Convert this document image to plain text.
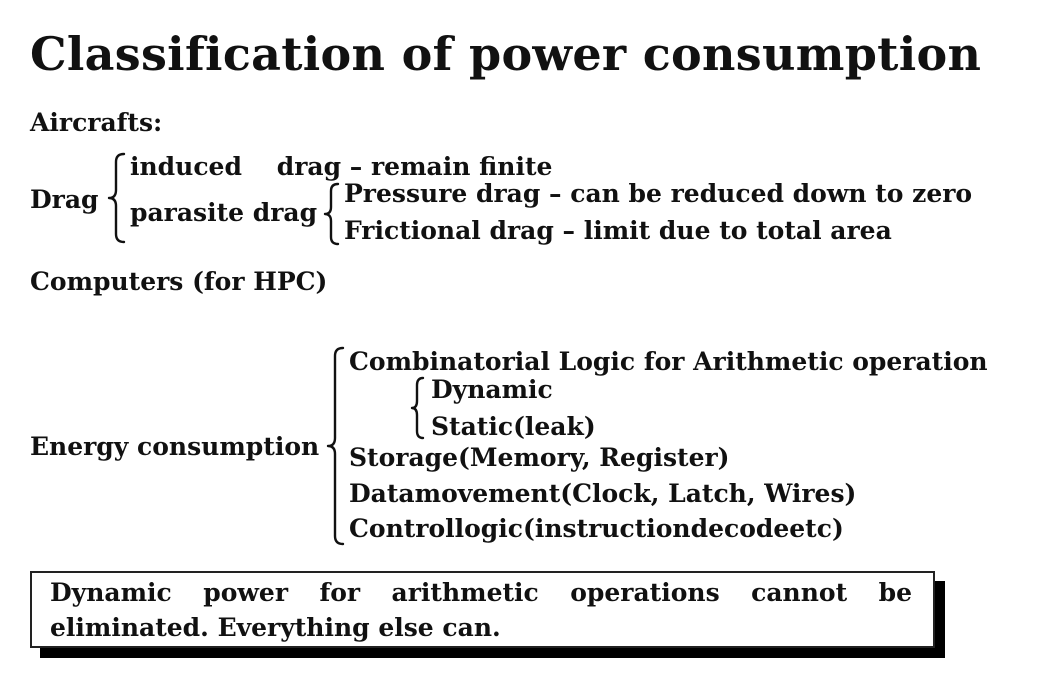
Classification of power consumption
Aircrafts:
Drag
induced    drag – remain finite
parasite drag
Pressure drag – can be reduced down to zero
Frictional drag – limit due to total area
Computers (for HPC)
Energy consumption
Combinatorial Logic for Arithmetic operation
Dynamic
Static(leak)
Storage(Memory, Register)
Datamovement(Clock, Latch, Wires)
Controllogic(instructiondecodeetc)
Dynamic power for arithmetic operations cannot be eliminated. Everything else can.
